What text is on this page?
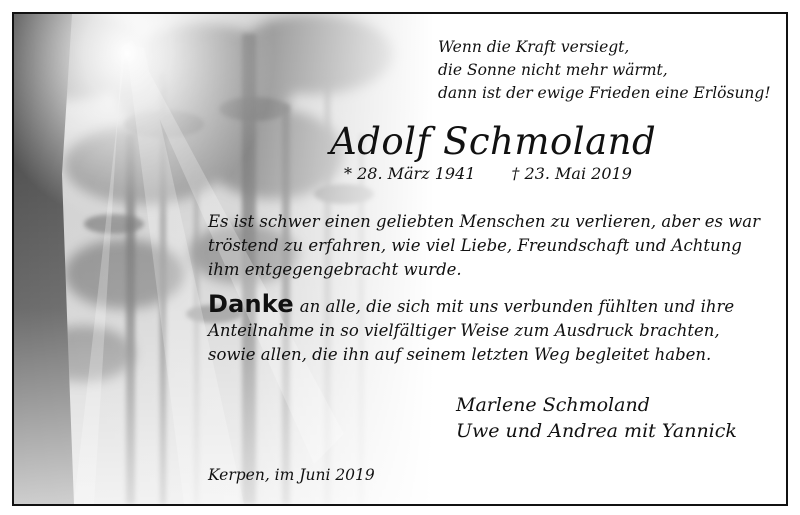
Wenn die Kraft versiegt,
die Sonne nicht mehr wärmt,
dann ist der ewige Frieden eine Erlösung!
Adolf Schmoland
* 28. März 1941 † 23. Mai 2019
Es ist schwer einen geliebten Menschen zu verlieren, aber es war
tröstend zu erfahren, wie viel Liebe, Freundschaft und Achtung
ihm entgegengebracht wurde.
Danke an alle, die sich mit uns verbunden fühlten und ihre
Anteilnahme in so vielfältiger Weise zum Ausdruck brachten,
sowie allen, die ihn auf seinem letzten Weg begleitet haben.
Marlene Schmoland
Uwe und Andrea mit Yannick
Kerpen, im Juni 2019
